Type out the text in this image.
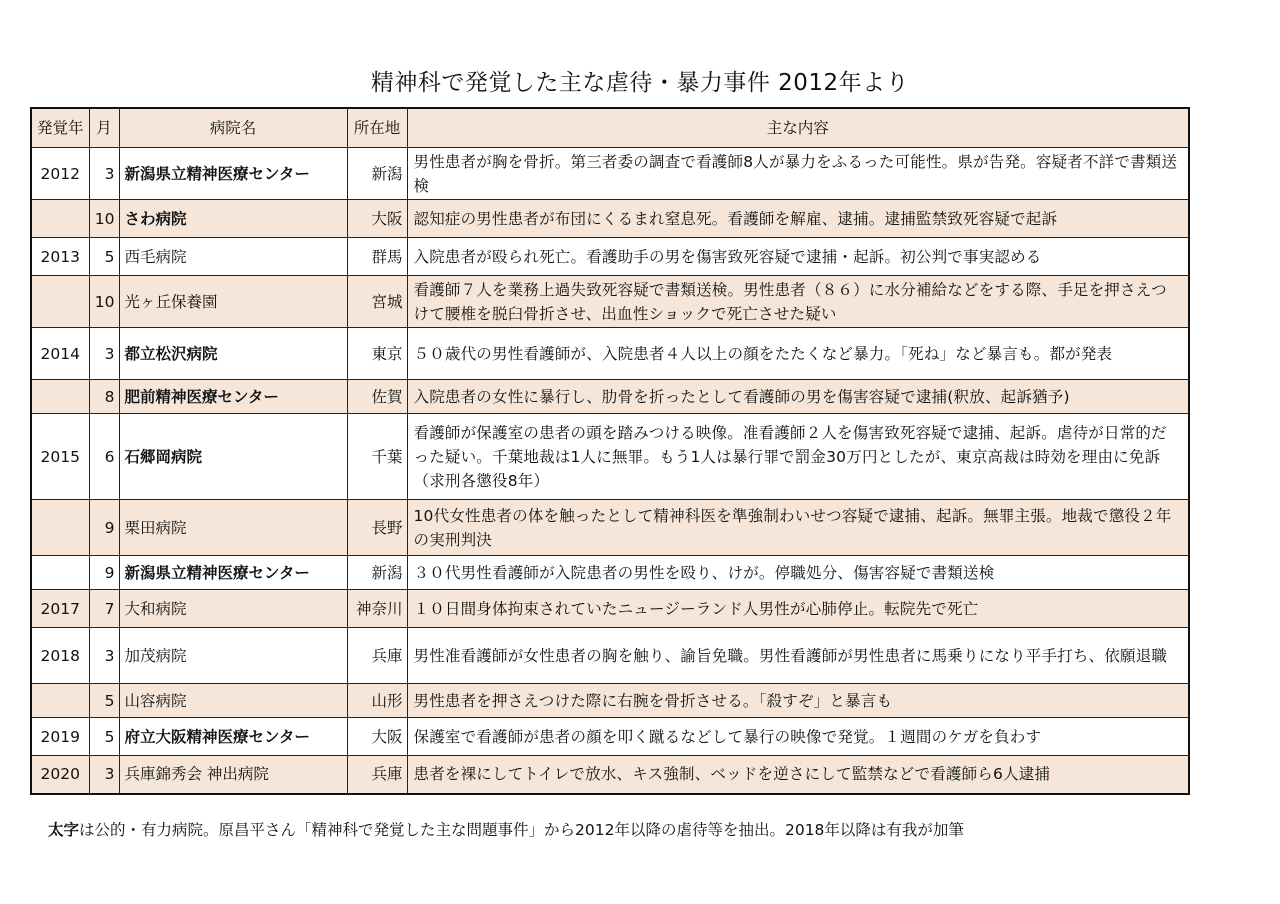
精神科で発覚した主な虐待・暴力事件 2012年より
発覚年	月	病院名	所在地	主な内容
2012	3	新潟県立精神医療センター	新潟	男性患者が胸を骨折。第三者委の調査で看護師8人が暴力をふるった可能性。県が告発。容疑者不詳で書類送検
	10	さわ病院	大阪	認知症の男性患者が布団にくるまれ窒息死。看護師を解雇、逮捕。逮捕監禁致死容疑で起訴
2013	5	西毛病院	群馬	入院患者が殴られ死亡。看護助手の男を傷害致死容疑で逮捕・起訴。初公判で事実認める
	10	光ヶ丘保養園	宮城	看護師７人を業務上過失致死容疑で書類送検。男性患者（８６）に水分補給などをする際、手足を押さえつけて腰椎を脱臼骨折させ、出血性ショックで死亡させた疑い
2014	3	都立松沢病院	東京	５０歳代の男性看護師が、入院患者４人以上の顔をたたくなど暴力。「死ね」など暴言も。都が発表
	8	肥前精神医療センター	佐賀	入院患者の女性に暴行し、肋骨を折ったとして看護師の男を傷害容疑で逮捕(釈放、起訴猶予)
2015	6	石郷岡病院	千葉	看護師が保護室の患者の頭を踏みつける映像。准看護師２人を傷害致死容疑で逮捕、起訴。虐待が日常的だった疑い。千葉地裁は1人に無罪。もう1人は暴行罪で罰金30万円としたが、東京高裁は時効を理由に免訴（求刑各懲役8年）
	9	栗田病院	長野	10代女性患者の体を触ったとして精神科医を準強制わいせつ容疑で逮捕、起訴。無罪主張。地裁で懲役２年の実刑判決
	9	新潟県立精神医療センター	新潟	３０代男性看護師が入院患者の男性を殴り、けが。停職処分、傷害容疑で書類送検
2017	7	大和病院	神奈川	１０日間身体拘束されていたニュージーランド人男性が心肺停止。転院先で死亡
2018	3	加茂病院	兵庫	男性准看護師が女性患者の胸を触り、諭旨免職。男性看護師が男性患者に馬乗りになり平手打ち、依願退職
	5	山容病院	山形	男性患者を押さえつけた際に右腕を骨折させる。「殺すぞ」と暴言も
2019	5	府立大阪精神医療センター	大阪	保護室で看護師が患者の顔を叩く蹴るなどして暴行の映像で発覚。１週間のケガを負わす
2020	3	兵庫錦秀会 神出病院	兵庫	患者を裸にしてトイレで放水、キス強制、ベッドを逆さにして監禁などで看護師ら6人逮捕
太字は公的・有力病院。原昌平さん「精神科で発覚した主な問題事件」から2012年以降の虐待等を抽出。2018年以降は有我が加筆
